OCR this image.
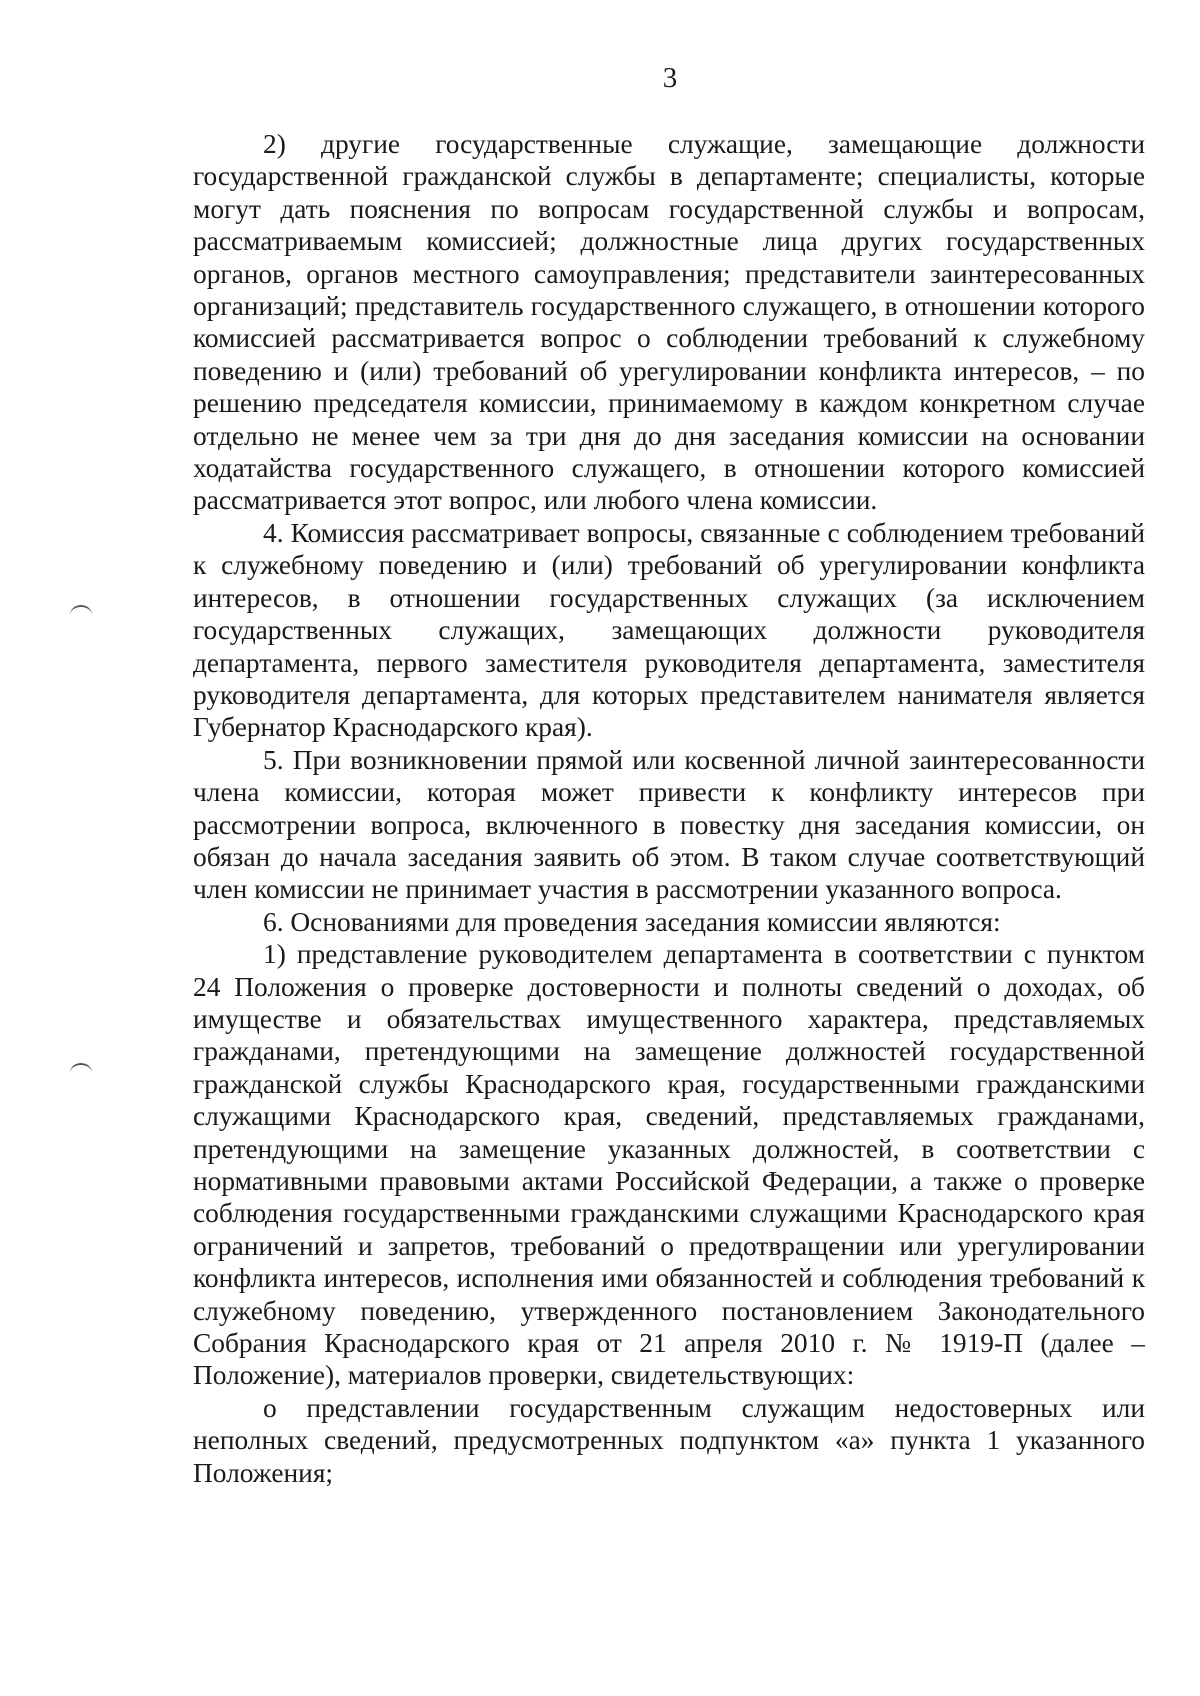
3

2) другие государственные служащие, замещающие должности государственной гражданской службы в департаменте; специалисты, которые могут дать пояснения по вопросам государственной службы и вопросам, рассматриваемым комиссией; должностные лица других государственных органов, органов местного самоуправления; представители заинтересованных организаций; представитель государственного служащего, в отношении которого комиссией рассматривается вопрос о соблюдении требований к служебному поведению и (или) требований об урегулировании конфликта интересов, – по решению председателя комиссии, принимаемому в каждом конкретном случае отдельно не менее чем за три дня до дня заседания комиссии на основании ходатайства государственного служащего, в отношении которого комиссией рассматривается этот вопрос, или любого члена комиссии.

4. Комиссия рассматривает вопросы, связанные с соблюдением требований к служебному поведению и (или) требований об урегулировании конфликта интересов, в отношении государственных служащих (за исключением государственных служащих, замещающих должности руководителя департамента, первого заместителя руководителя департамента, заместителя руководителя департамента, для которых представителем нанимателя является Губернатор Краснодарского края).

5. При возникновении прямой или косвенной личной заинтересованности члена комиссии, которая может привести к конфликту интересов при рассмотрении вопроса, включенного в повестку дня заседания комиссии, он обязан до начала заседания заявить об этом. В таком случае соответствующий член комиссии не принимает участия в рассмотрении указанного вопроса.

6. Основаниями для проведения заседания комиссии являются:

1) представление руководителем департамента в соответствии с пунктом 24 Положения о проверке достоверности и полноты сведений о доходах, об имуществе и обязательствах имущественного характера, представляемых гражданами, претендующими на замещение должностей государственной гражданской службы Краснодарского края, государственными гражданскими служащими Краснодарского края, сведений, представляемых гражданами, претендующими на замещение указанных должностей, в соответствии с нормативными правовыми актами Российской Федерации, а также о проверке соблюдения государственными гражданскими служащими Краснодарского края ограничений и запретов, требований о предотвращении или урегулировании конфликта интересов, исполнения ими обязанностей и соблюдения требований к служебному поведению, утвержденного постановлением Законодательного Собрания Краснодарского края от 21 апреля 2010 г. № 1919-П (далее – Положение), материалов проверки, свидетельствующих:

о представлении государственным служащим недостоверных или неполных сведений, предусмотренных подпунктом «а» пункта 1 указанного Положения;
